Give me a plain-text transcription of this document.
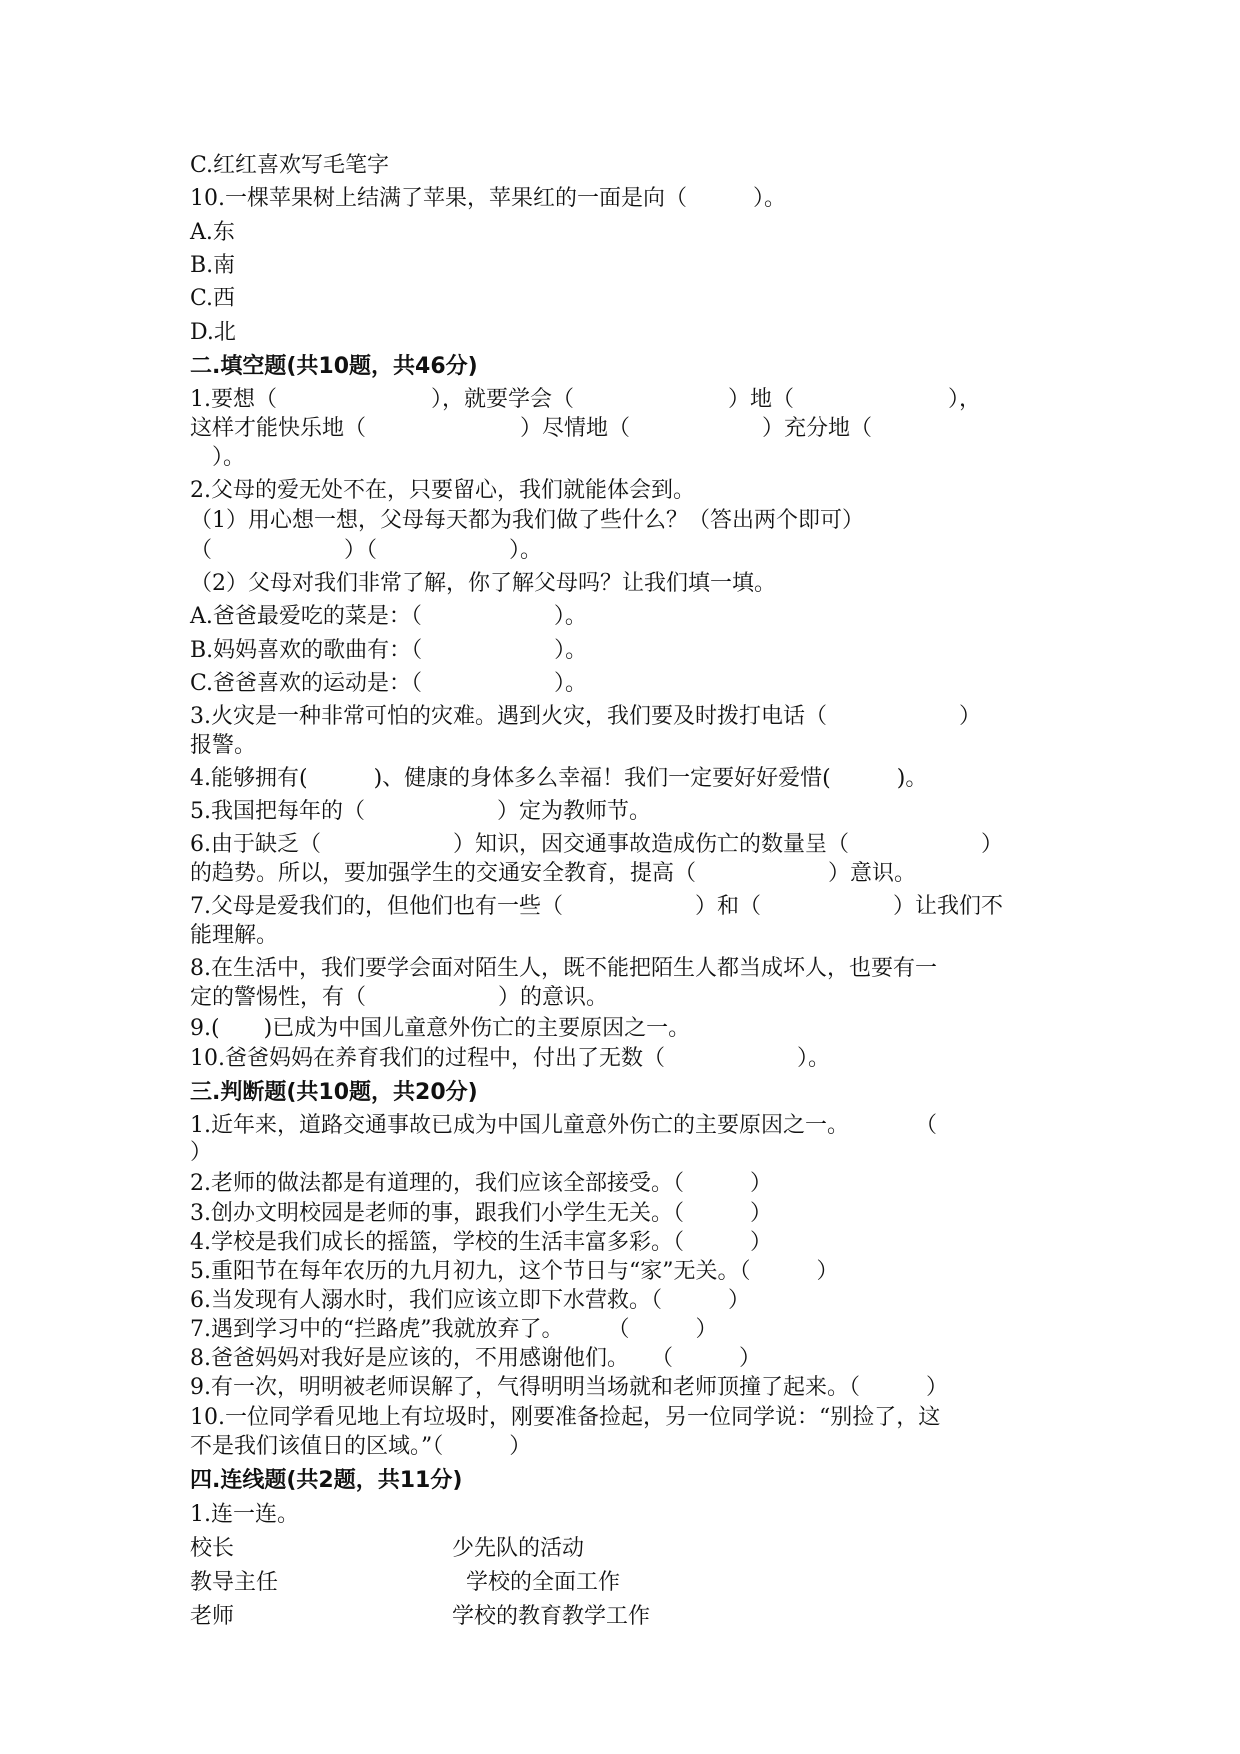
C.红红喜欢写毛笔字

10.一棵苹果树上结满了苹果，苹果红的一面是向（　　　）。

A.东

B.南

C.西

D.北

二.填空题(共10题，共46分)

1.要想（　　　　　　　），就要学会（　　　　　　　）地（　　　　　　　），

这样才能快乐地（　　　　　　　）尽情地（　　　　　　）充分地（

　）。

2.父母的爱无处不在，只要留心，我们就能体会到。

（1）用心想一想，父母每天都为我们做了些什么？（答出两个即可）

（　　　　　　）（　　　　　　）。

（2）父母对我们非常了解，你了解父母吗？让我们填一填。

A.爸爸最爱吃的菜是：（　　　　　　）。

B.妈妈喜欢的歌曲有：（　　　　　　）。

C.爸爸喜欢的运动是：（　　　　　　）。

3.火灾是一种非常可怕的灾难。遇到火灾，我们要及时拨打电话（　　　　　　）

报警。

4.能够拥有(　　　)、健康的身体多么幸福！我们一定要好好爱惜(　　　)。

5.我国把每年的（　　　　　　）定为教师节。

6.由于缺乏（　　　　　　）知识，因交通事故造成伤亡的数量呈（　　　　　　）

的趋势。所以，要加强学生的交通安全教育，提高（　　　　　　）意识。

7.父母是爱我们的，但他们也有一些（　　　　　　）和（　　　　　　）让我们不

能理解。

8.在生活中，我们要学会面对陌生人，既不能把陌生人都当成坏人，也要有一

定的警惕性，有（　　　　　　）的意识。

9.(　　)已成为中国儿童意外伤亡的主要原因之一。

10.爸爸妈妈在养育我们的过程中，付出了无数（　　　　　　）。

三.判断题(共10题，共20分)

1.近年来，道路交通事故已成为中国儿童意外伤亡的主要原因之一。　　　　（

）

2.老师的做法都是有道理的，我们应该全部接受。（　　　）

3.创办文明校园是老师的事，跟我们小学生无关。（　　　）

4.学校是我们成长的摇篮，学校的生活丰富多彩。（　　　）

5.重阳节在每年农历的九月初九，这个节日与“家”无关。（　　　）

6.当发现有人溺水时，我们应该立即下水营救。（　　　）

7.遇到学习中的“拦路虎”我就放弃了。　　　（　　　）

8.爸爸妈妈对我好是应该的，不用感谢他们。　　（　　　）

9.有一次，明明被老师误解了，气得明明当场就和老师顶撞了起来。（　　　）

10.一位同学看见地上有垃圾时，刚要准备捡起，另一位同学说：“别捡了，这

不是我们该值日的区域。”（　　　）

四.连线题(共2题，共11分)

1.连一连。

校长

教导主任

老师

少先队的活动

学校的全面工作

学校的教育教学工作
